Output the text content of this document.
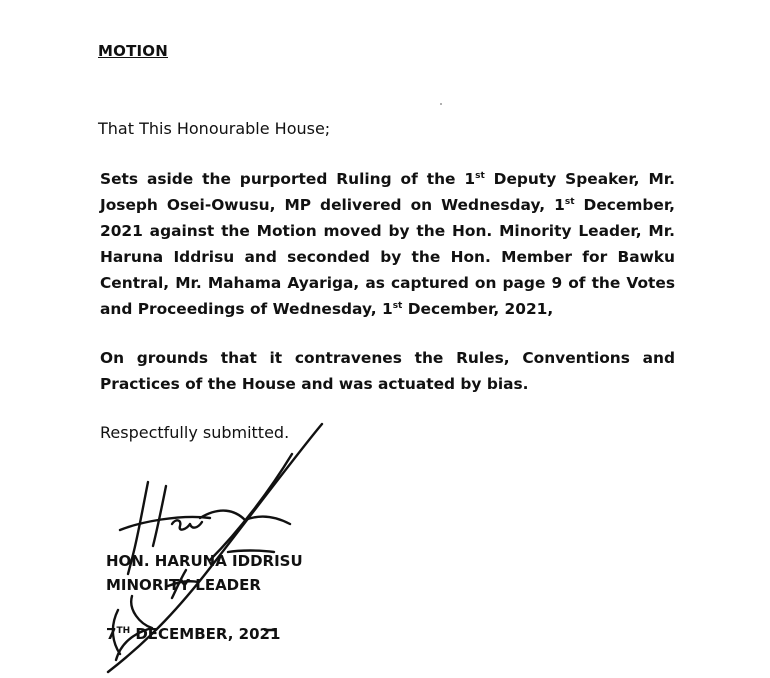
MOTION
That This Honourable House;
Sets aside the purported Ruling of the 1st Deputy Speaker, Mr. Joseph Osei-Owusu, MP delivered on Wednesday, 1st December, 2021 against the Motion moved by the Hon. Minority Leader, Mr. Haruna Iddrisu and seconded by the Hon. Member for Bawku Central, Mr. Mahama Ayariga, as captured on page 9 of the Votes and Proceedings of Wednesday, 1st December, 2021,
On grounds that it contravenes the Rules, Conventions and Practices of the House and was actuated by bias.
Respectfully submitted.
HON. HARUNA IDDRISU
MINORITY LEADER
7TH DECEMBER, 2021
